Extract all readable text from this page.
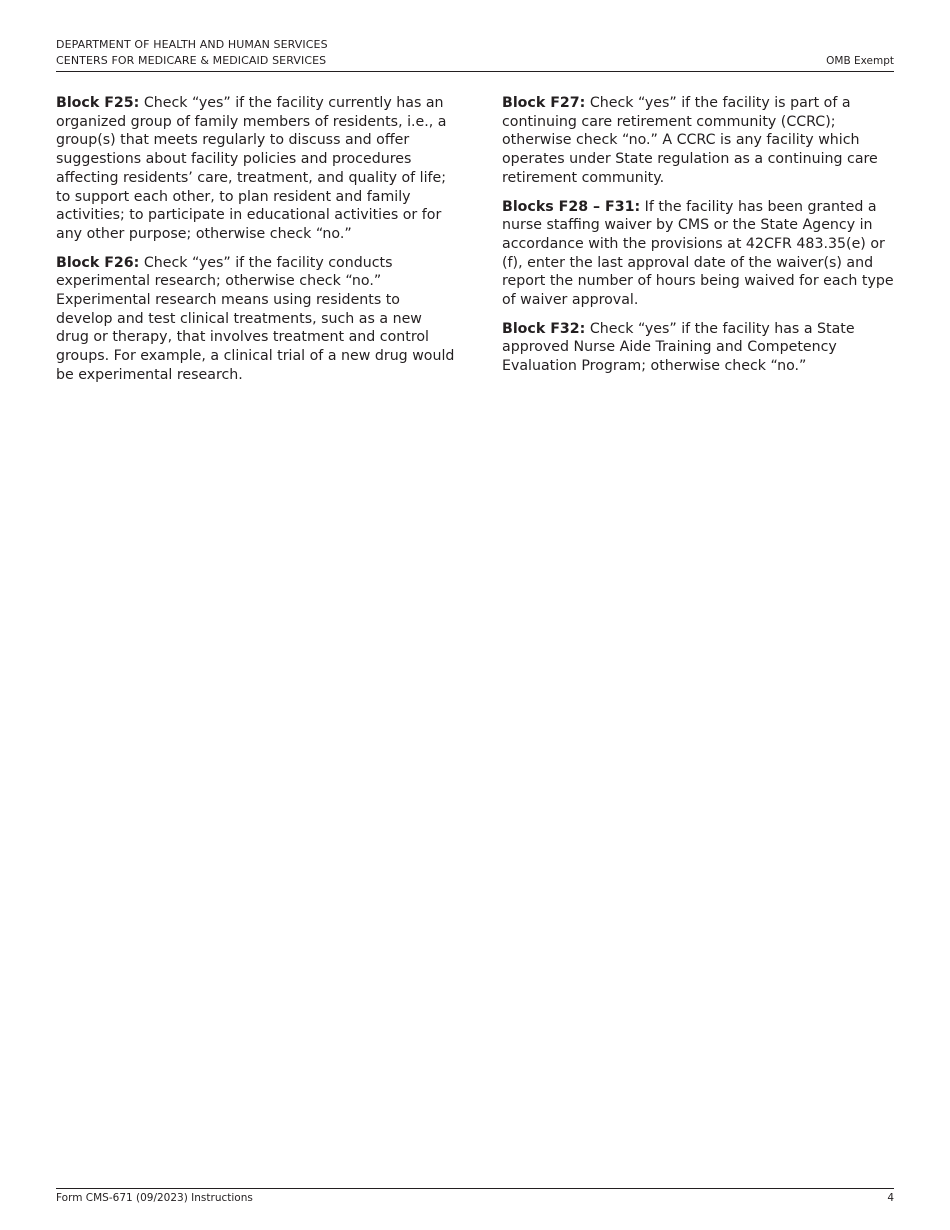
DEPARTMENT OF HEALTH AND HUMAN SERVICES
CENTERS FOR MEDICARE & MEDICAID SERVICES	OMB Exempt

Block F25: Check “yes” if the facility currently has an organized group of family members of residents, i.e., a group(s) that meets regularly to discuss and offer suggestions about facility policies and procedures affecting residents’ care, treatment, and quality of life; to support each other, to plan resident and family activities; to participate in educational activities or for any other purpose; otherwise check “no.”

Block F26: Check “yes” if the facility conducts experimental research; otherwise check “no.” Experimental research means using residents to develop and test clinical treatments, such as a new drug or therapy, that involves treatment and control groups. For example, a clinical trial of a new drug would be experimental research.

Block F27: Check “yes” if the facility is part of a continuing care retirement community (CCRC); otherwise check “no.” A CCRC is any facility which operates under State regulation as a continuing care retirement community.

Blocks F28 – F31: If the facility has been granted a nurse staffing waiver by CMS or the State Agency in accordance with the provisions at 42CFR 483.35(e) or (f), enter the last approval date of the waiver(s) and report the number of hours being waived for each type of waiver approval.

Block F32: Check “yes” if the facility has a State approved Nurse Aide Training and Competency Evaluation Program; otherwise check “no.”

Form CMS-671 (09/2023) Instructions	4
